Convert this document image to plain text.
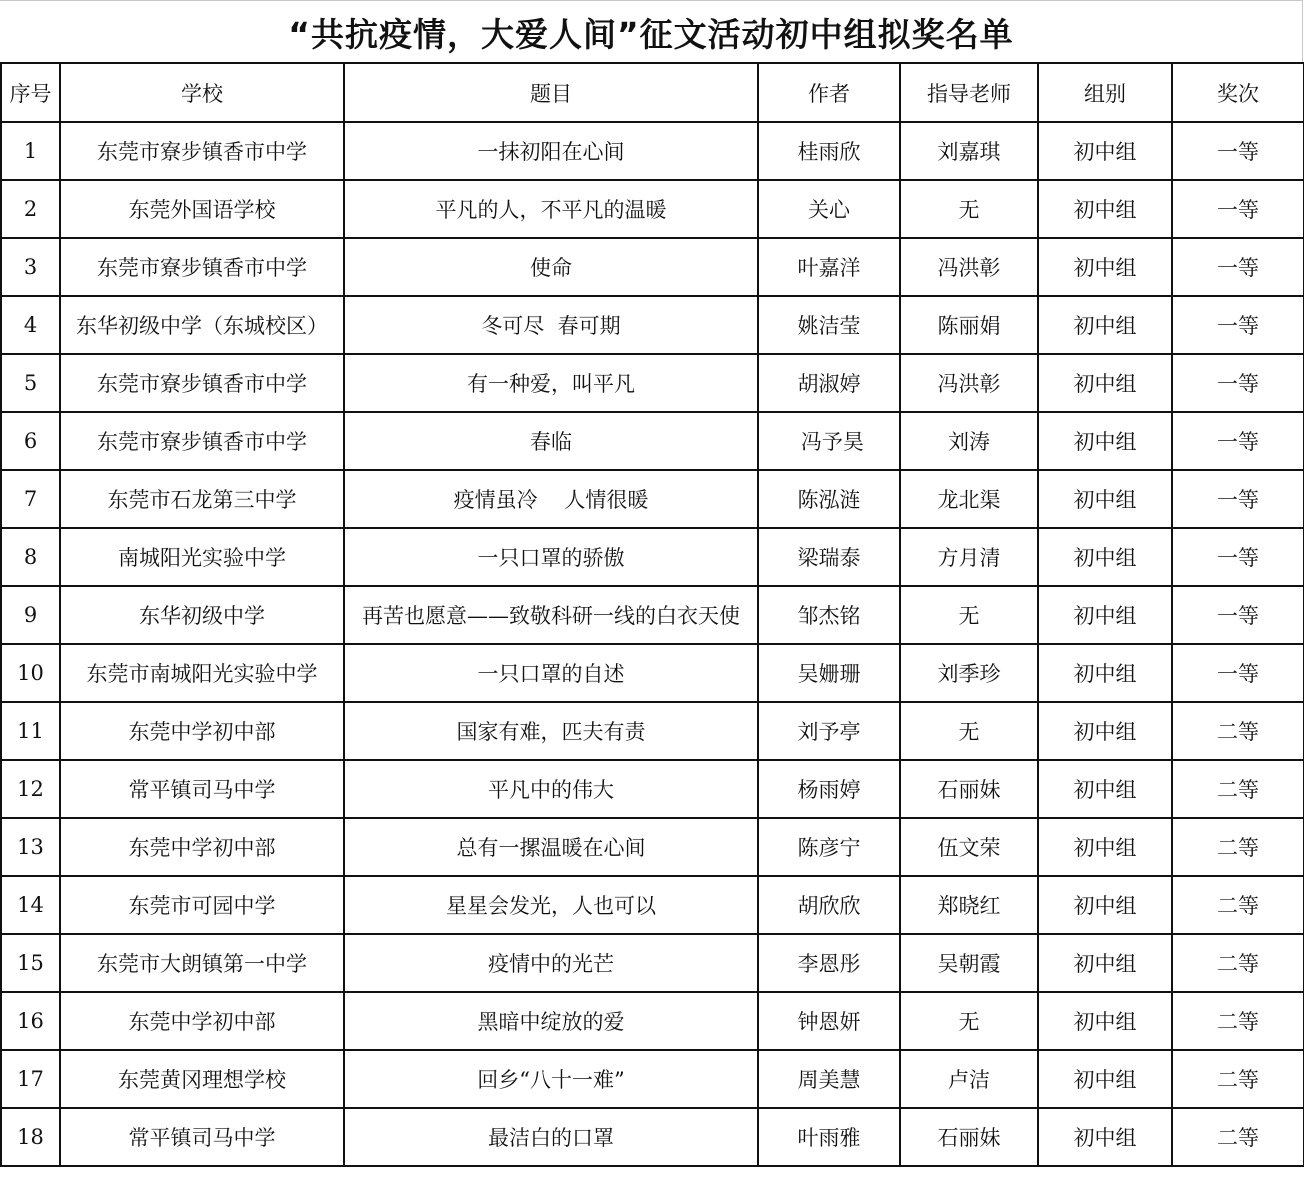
“共抗疫情，大爱人间”征文活动初中组拟奖名单
序号	学校	题目	作者	指导老师	组别	奖次
1	东莞市寮步镇香市中学	一抹初阳在心间	桂雨欣	刘嘉琪	初中组	一等
2	东莞外国语学校	平凡的人，不平凡的温暖	关心	无	初中组	一等
3	东莞市寮步镇香市中学	使命	叶嘉洋	冯洪彰	初中组	一等
4	东华初级中学（东城校区）	冬可尽  春可期	姚洁莹	陈丽娟	初中组	一等
5	东莞市寮步镇香市中学	有一种爱，叫平凡	胡淑婷	冯洪彰	初中组	一等
6	东莞市寮步镇香市中学	春临	冯予昊	刘涛	初中组	一等
7	东莞市石龙第三中学	疫情虽冷    人情很暖	陈泓涟	龙北渠	初中组	一等
8	南城阳光实验中学	一只口罩的骄傲	梁瑞泰	方月清	初中组	一等
9	东华初级中学	再苦也愿意——致敬科研一线的白衣天使	邹杰铭	无	初中组	一等
10	东莞市南城阳光实验中学	一只口罩的自述	吴姗珊	刘季珍	初中组	一等
11	东莞中学初中部	国家有难，匹夫有责	刘予亭	无	初中组	二等
12	常平镇司马中学	平凡中的伟大	杨雨婷	石丽妹	初中组	二等
13	东莞中学初中部	总有一摞温暖在心间	陈彦宁	伍文荣	初中组	二等
14	东莞市可园中学	星星会发光，人也可以	胡欣欣	郑晓红	初中组	二等
15	东莞市大朗镇第一中学	疫情中的光芒	李恩彤	吴朝霞	初中组	二等
16	东莞中学初中部	黑暗中绽放的爱	钟恩妍	无	初中组	二等
17	东莞黄冈理想学校	回乡“八十一难”	周美慧	卢洁	初中组	二等
18	常平镇司马中学	最洁白的口罩	叶雨雅	石丽妹	初中组	二等
